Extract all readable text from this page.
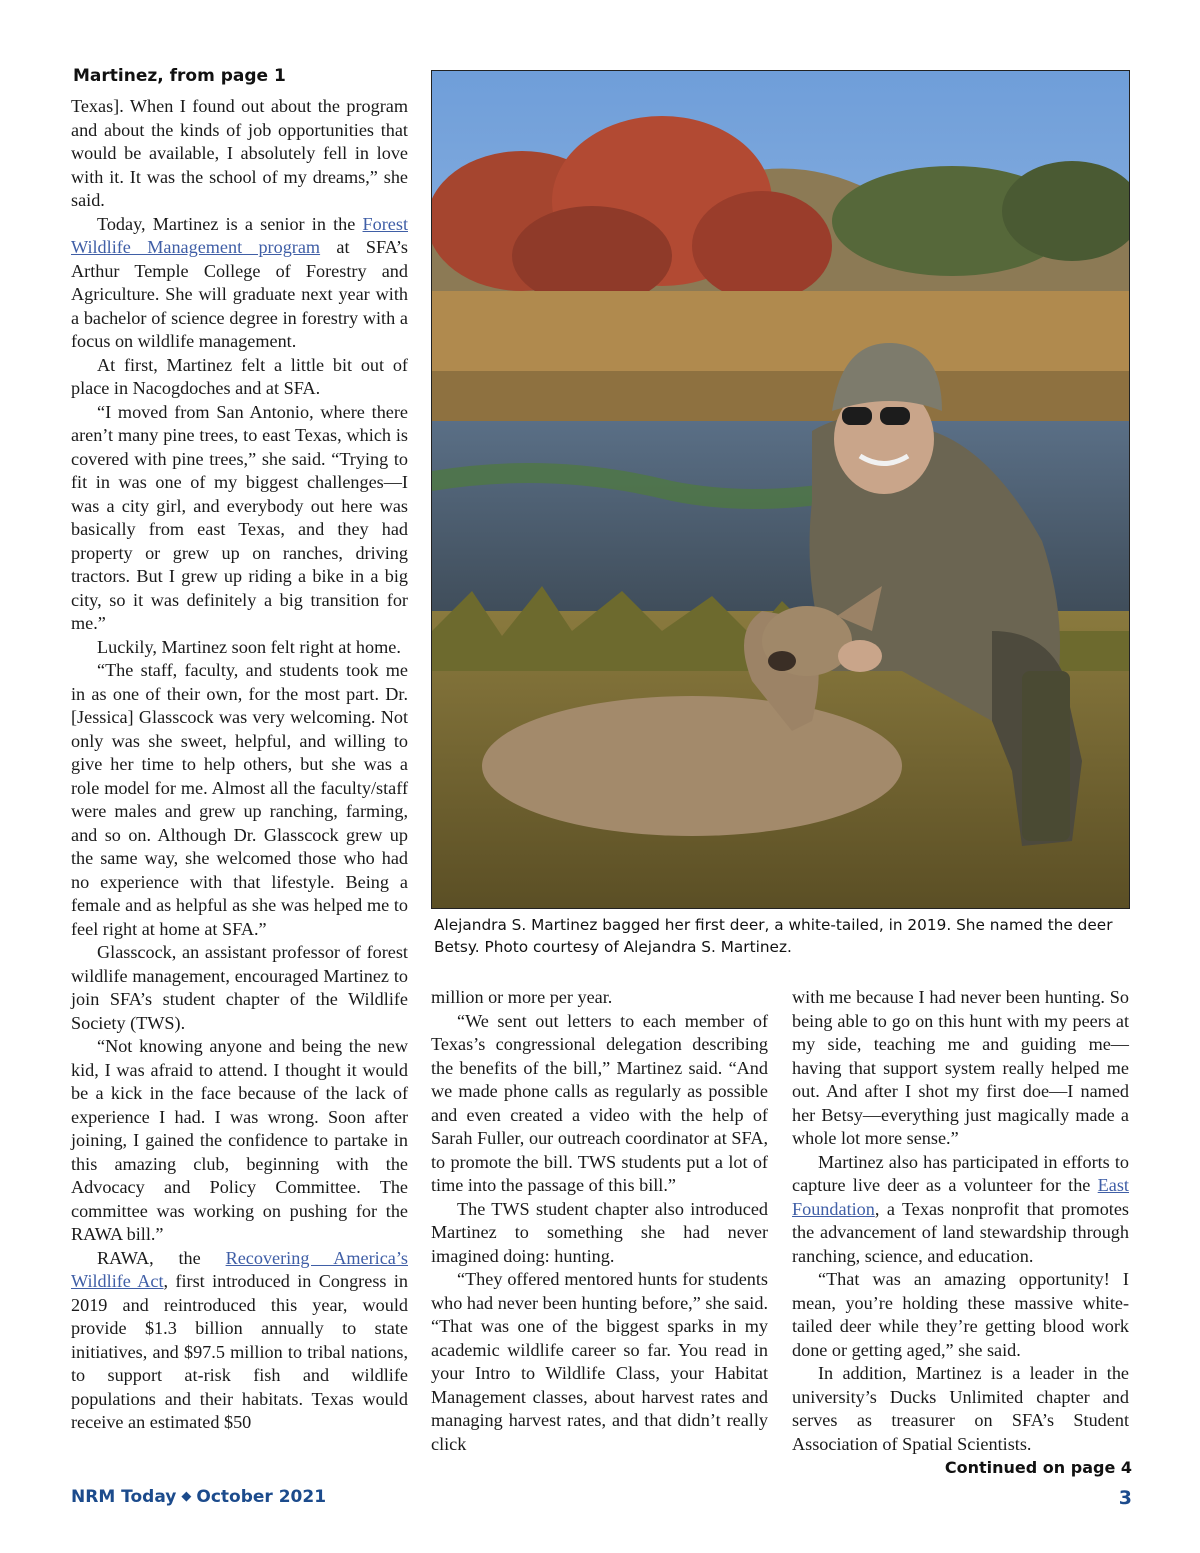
Martinez, from page 1

Texas]. When I found out about the program and about the kinds of job opportunities that would be available, I absolutely fell in love with it. It was the school of my dreams,” she said.

Today, Martinez is a senior in the Forest Wildlife Management program at SFA’s Arthur Temple College of Forestry and Agriculture. She will graduate next year with a bachelor of science degree in forestry with a focus on wildlife management.

At first, Martinez felt a little bit out of place in Nacogdoches and at SFA.

“I moved from San Antonio, where there aren’t many pine trees, to east Texas, which is covered with pine trees,” she said. “Trying to fit in was one of my biggest challenges—I was a city girl, and everybody out here was basically from east Texas, and they had property or grew up on ranches, driving tractors. But I grew up riding a bike in a big city, so it was definitely a big transition for me.”

Luckily, Martinez soon felt right at home.

“The staff, faculty, and students took me in as one of their own, for the most part. Dr. [Jessica] Glasscock was very welcoming. Not only was she sweet, helpful, and willing to give her time to help others, but she was a role model for me. Almost all the faculty/staff were males and grew up ranching, farming, and so on. Although Dr. Glasscock grew up the same way, she welcomed those who had no experience with that lifestyle. Being a female and as helpful as she was helped me to feel right at home at SFA.”

Glasscock, an assistant professor of forest wildlife management, encouraged Martinez to join SFA’s student chapter of the Wildlife Society (TWS).

“Not knowing anyone and being the new kid, I was afraid to attend. I thought it would be a kick in the face because of the lack of experience I had. I was wrong. Soon after joining, I gained the confidence to partake in this amazing club, beginning with the Advocacy and Policy Committee. The committee was working on pushing for the RAWA bill.”

RAWA, the Recovering America’s Wildlife Act, first introduced in Congress in 2019 and reintroduced this year, would provide $1.3 billion annually to state initiatives, and $97.5 million to tribal nations, to support at-risk fish and wildlife populations and their habitats. Texas would receive an estimated $50

Alejandra S. Martinez bagged her first deer, a white-tailed, in 2019. She named the deer Betsy. Photo courtesy of Alejandra S. Martinez.

million or more per year.

“We sent out letters to each member of Texas’s congressional delegation describing the benefits of the bill,” Martinez said. “And we made phone calls as regularly as possible and even created a video with the help of Sarah Fuller, our outreach coordinator at SFA, to promote the bill. TWS students put a lot of time into the passage of this bill.”

The TWS student chapter also introduced Martinez to something she had never imagined doing: hunting.

“They offered mentored hunts for students who had never been hunting before,” she said. “That was one of the biggest sparks in my academic wildlife career so far. You read in your Intro to Wildlife Class, your Habitat Management classes, about harvest rates and managing harvest rates, and that didn’t really click

with me because I had never been hunting. So being able to go on this hunt with my peers at my side, teaching me and guiding me—having that support system really helped me out. And after I shot my first doe—I named her Betsy—everything just magically made a whole lot more sense.”

Martinez also has participated in efforts to capture live deer as a volunteer for the East Foundation, a Texas nonprofit that promotes the advancement of land stewardship through ranching, science, and education.

“That was an amazing opportunity! I mean, you’re holding these massive white-tailed deer while they’re getting blood work done or getting aged,” she said.

In addition, Martinez is a leader in the university’s Ducks Unlimited chapter and serves as treasurer on SFA’s Student Association of Spatial Scientists.

Continued on page 4
NRM Today ◆ October 2021	3
